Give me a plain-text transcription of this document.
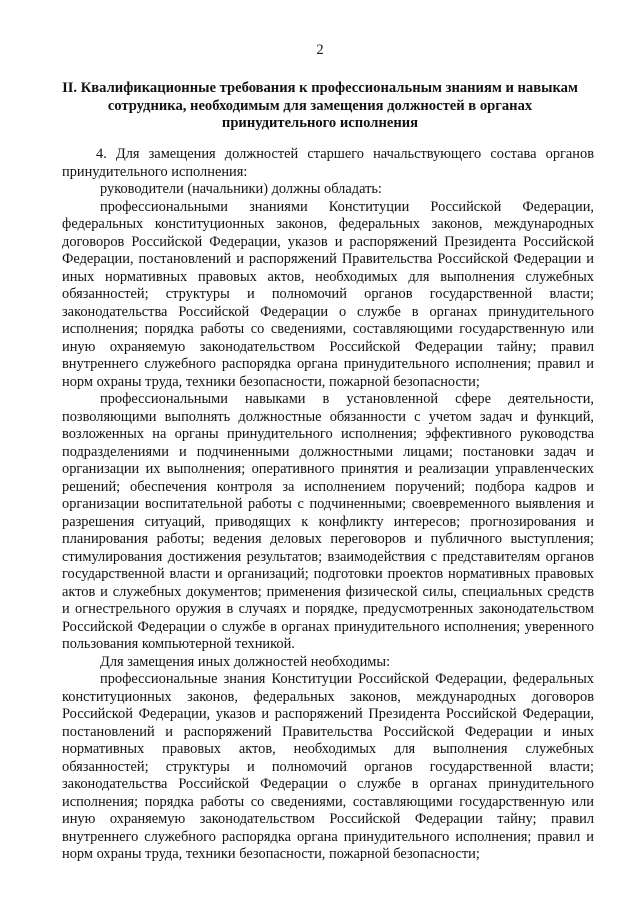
2
II. Квалификационные требования к профессиональным знаниям и навыкам сотрудника, необходимым для замещения должностей в органах принудительного исполнения

4. Для замещения должностей старшего начальствующего состава органов принудительного исполнения:

руководители (начальники) должны обладать:

профессиональными знаниями Конституции Российской Федерации, федеральных конституционных законов, федеральных законов, международных договоров Российской Федерации, указов и распоряжений Президента Российской Федерации, постановлений и распоряжений Правительства Российской Федерации и иных нормативных правовых актов, необходимых для выполнения служебных обязанностей; структуры и полномочий органов государственной власти; законодательства Российской Федерации о службе в органах принудительного исполнения; порядка работы со сведениями, составляющими государственную или иную охраняемую законодательством Российской Федерации тайну; правил внутреннего служебного распорядка органа принудительного исполнения; правил и норм охраны труда, техники безопасности, пожарной безопасности;

профессиональными навыками в установленной сфере деятельности, позволяющими выполнять должностные обязанности с учетом задач и функций, возложенных на органы принудительного исполнения; эффективного руководства подразделениями и подчиненными должностными лицами; постановки задач и организации их выполнения; оперативного принятия и реализации управленческих решений; обеспечения контроля за исполнением поручений; подбора кадров и организации воспитательной работы с подчиненными; своевременного выявления и разрешения ситуаций, приводящих к конфликту интересов; прогнозирования и планирования работы; ведения деловых переговоров и публичного выступления; стимулирования достижения результатов; взаимодействия с представителям органов государственной власти и организаций; подготовки проектов нормативных правовых актов и служебных документов; применения физической силы, специальных средств и огнестрельного оружия в случаях и порядке, предусмотренных законодательством Российской Федерации о службе в органах принудительного исполнения; уверенного пользования компьютерной техникой.

Для замещения иных должностей необходимы:

профессиональные знания Конституции Российской Федерации, федеральных конституционных законов, федеральных законов, международных договоров Российской Федерации, указов и распоряжений Президента Российской Федерации, постановлений и распоряжений Правительства Российской Федерации и иных нормативных правовых актов, необходимых для выполнения служебных обязанностей; структуры и полномочий органов государственной власти; законодательства Российской Федерации о службе в органах принудительного исполнения; порядка работы со сведениями, составляющими государственную или иную охраняемую законодательством Российской Федерации тайну; правил внутреннего служебного распорядка органа принудительного исполнения; правил и норм охраны труда, техники безопасности, пожарной безопасности;
